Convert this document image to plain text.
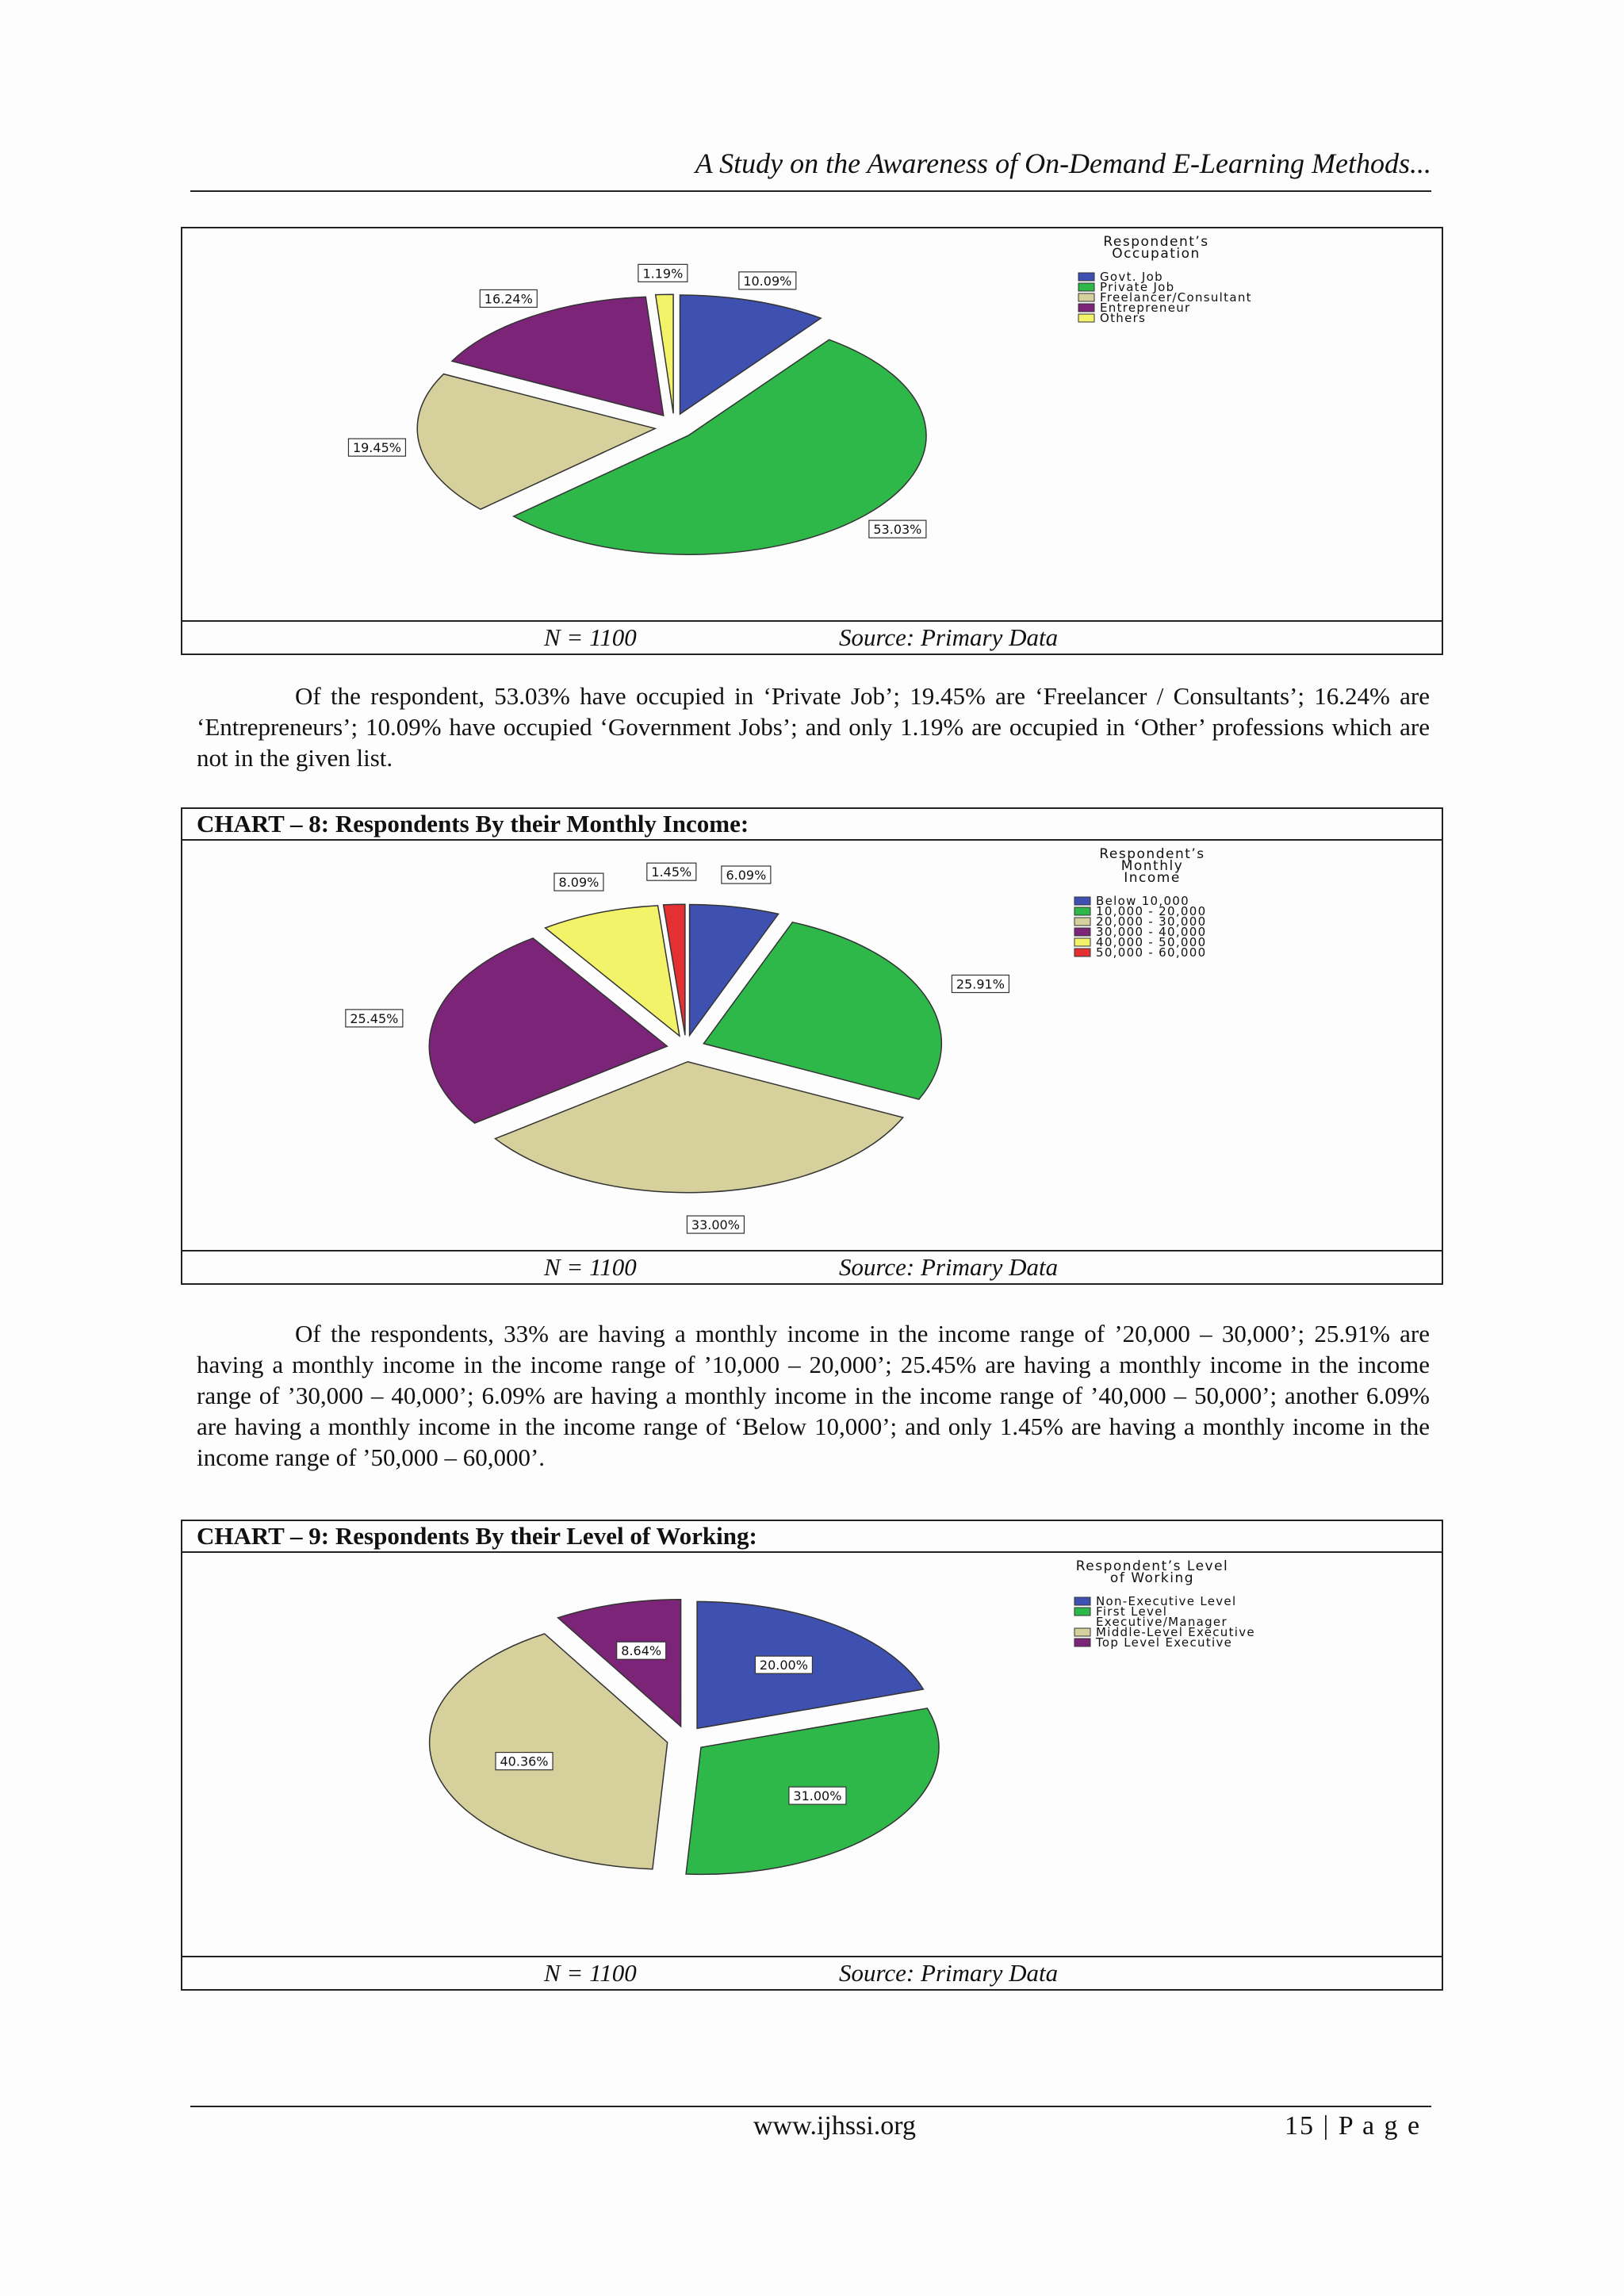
A Study on the Awareness of On-Demand E-Learning Methods...
10.09%
53.03%
19.45%
16.24%
1.19%
Respondent’s
Occupation
Govt. Job
Private Job
Freelancer/Consultant
Entrepreneur
Others
N = 1100	Source: Primary Data

Of the respondent, 53.03% have occupied in ‘Private Job’; 19.45% are ‘Freelancer / Consultants’; 16.24% are ‘Entrepreneurs’; 10.09% have occupied ‘Government Jobs’; and only 1.19% are occupied in ‘Other’ professions which are not in the given list.

CHART – 8: Respondents By their Monthly Income:
6.09%
25.91%
33.00%
25.45%
8.09%
1.45%
Respondent’s
Monthly
Income
Below 10,000
10,000 - 20,000
20,000 - 30,000
30,000 - 40,000
40,000 - 50,000
50,000 - 60,000
N = 1100	Source: Primary Data

Of the respondents, 33% are having a monthly income in the income range of ’20,000 – 30,000’; 25.91% are having a monthly income in the income range of ’10,000 – 20,000’; 25.45% are having a monthly income in the income range of ’30,000 – 40,000’; 6.09% are having a monthly income in the income range of ’40,000 – 50,000’; another 6.09% are having a monthly income in the income range of ‘Below 10,000’; and only 1.45% are having a monthly income in the income range of ’50,000 – 60,000’.

CHART – 9: Respondents By their Level of Working:
20.00%
31.00%
40.36%
8.64%
Respondent’s Level
of Working
Non-Executive Level
First Level
Executive/Manager
Middle-Level Executive
Top Level Executive
N = 1100	Source: Primary Data
www.ijhssi.org	15 | P a g e
